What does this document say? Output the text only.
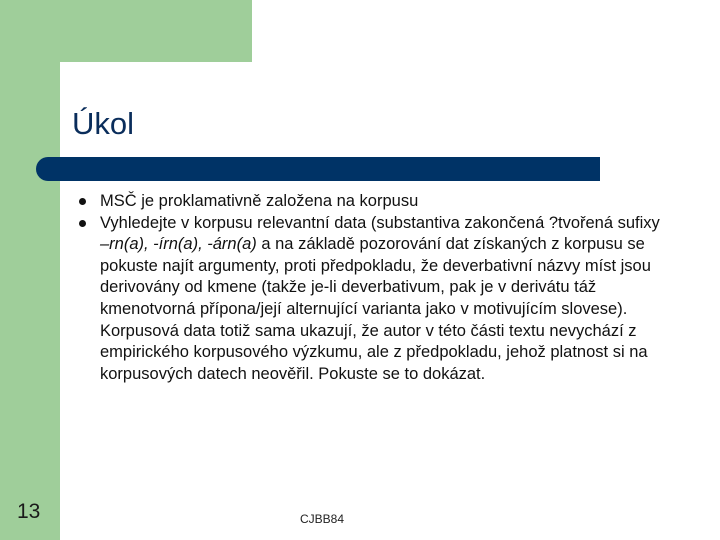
Úkol
MSČ je proklamativně založena na korpusu
Vyhledejte v korpusu relevantní data (substantiva zakončená ?tvořená sufixy –rn(a), -írn(a), -árn(a) a na základě pozorování dat získaných z korpusu se pokuste najít argumenty, proti předpokladu, že deverbativní názvy míst jsou derivovány od kmene (takže je-li deverbativum, pak je v derivátu táž kmenotvorná přípona/její alternující varianta jako v motivujícím slovese). Korpusová data totiž sama ukazují, že autor v této části textu nevychází z empirického korpusového výzkumu, ale z předpokladu, jehož platnost si na korpusových datech neověřil. Pokuste se to dokázat.
13	CJBB84
